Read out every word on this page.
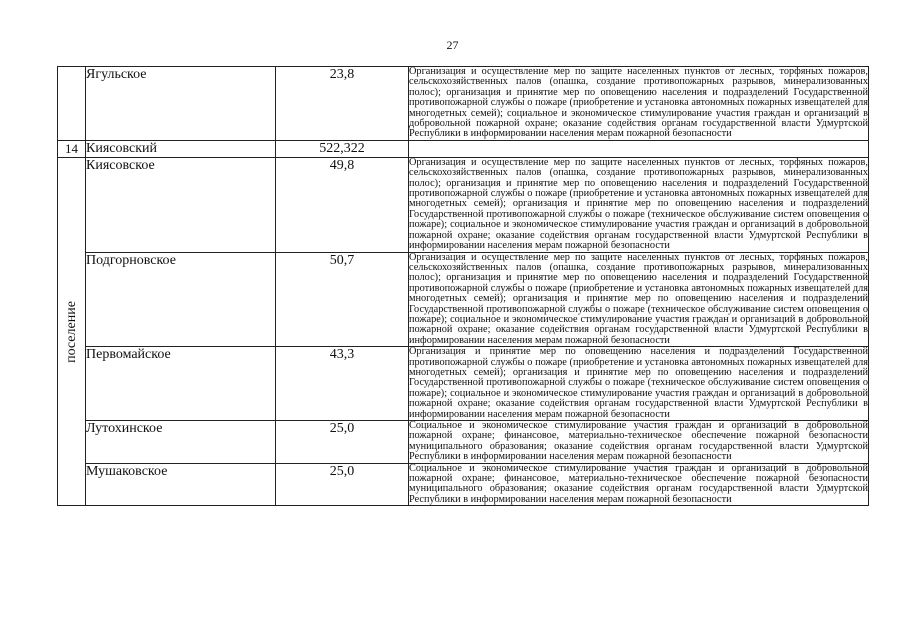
27
	Ягульское	23,8	Организация и осуществление мер по защите населенных пунктов от лесных, торфяных пожаров, сельскохозяйственных палов (опашка, создание противопожарных разрывов, минерализованных полос); организация и принятие мер по оповещению населения и подразделений Государственной противопожарной службы о пожаре (приобретение и установка автономных пожарных извещателей для многодетных семей); социальное и экономическое стимулирование участия граждан и организаций в добровольной пожарной охране; оказание содействия органам государственной власти Удмуртской Республики в информировании населения мерам пожарной безопасности
14	Киясовский	522,322	

поселение	Киясовское	49,8	Организация и осуществление мер по защите населенных пунктов от лесных, торфяных пожаров, сельскохозяйственных палов (опашка, создание противопожарных разрывов, минерализованных полос); организация и принятие мер по оповещению населения и подразделений Государственной противопожарной службы о пожаре (приобретение и установка автономных пожарных извещателей для многодетных семей); организация и принятие мер по оповещению населения и подразделений Государственной противопожарной службы о пожаре (техническое обслуживание систем оповещения о пожаре); социальное и экономическое стимулирование участия граждан и организаций в добровольной пожарной охране; оказание содействия органам государственной власти Удмуртской Республики в информировании населения мерам пожарной безопасности
	Подгорновское	50,7	Организация и осуществление мер по защите населенных пунктов от лесных, торфяных пожаров, сельскохозяйственных палов (опашка, создание противопожарных разрывов, минерализованных полос); организация и принятие мер по оповещению населения и подразделений Государственной противопожарной службы о пожаре (приобретение и установка автономных пожарных извещателей для многодетных семей); организация и принятие мер по оповещению населения и подразделений Государственной противопожарной службы о пожаре (техническое обслуживание систем оповещения о пожаре); социальное и экономическое стимулирование участия граждан и организаций в добровольной пожарной охране; оказание содействия органам государственной власти Удмуртской Республики в информировании населения мерам пожарной безопасности
	Первомайское	43,3	Организация и принятие мер по оповещению населения и подразделений Государственной противопожарной службы о пожаре (приобретение и установка автономных пожарных извещателей для многодетных семей); организация и принятие мер по оповещению населения и подразделений Государственной противопожарной службы о пожаре (техническое обслуживание систем оповещения о пожаре); социальное и экономическое стимулирование участия граждан и организаций в добровольной пожарной охране; оказание содействия органам государственной власти Удмуртской Республики в информировании населения мерам пожарной безопасности
	Лутохинское	25,0	Социальное и экономическое стимулирование участия граждан и организаций в добровольной пожарной охране; финансовое, материально-техническое обеспечение пожарной безопасности муниципального образования; оказание содействия органам государственной власти Удмуртской Республики в информировании населения мерам пожарной безопасности
	Мушаковское	25,0	Социальное и экономическое стимулирование участия граждан и организаций в добровольной пожарной охране; финансовое, материально-техническое обеспечение пожарной безопасности муниципального образования; оказание содействия органам государственной власти Удмуртской Республики в информировании населения мерам пожарной безопасности
